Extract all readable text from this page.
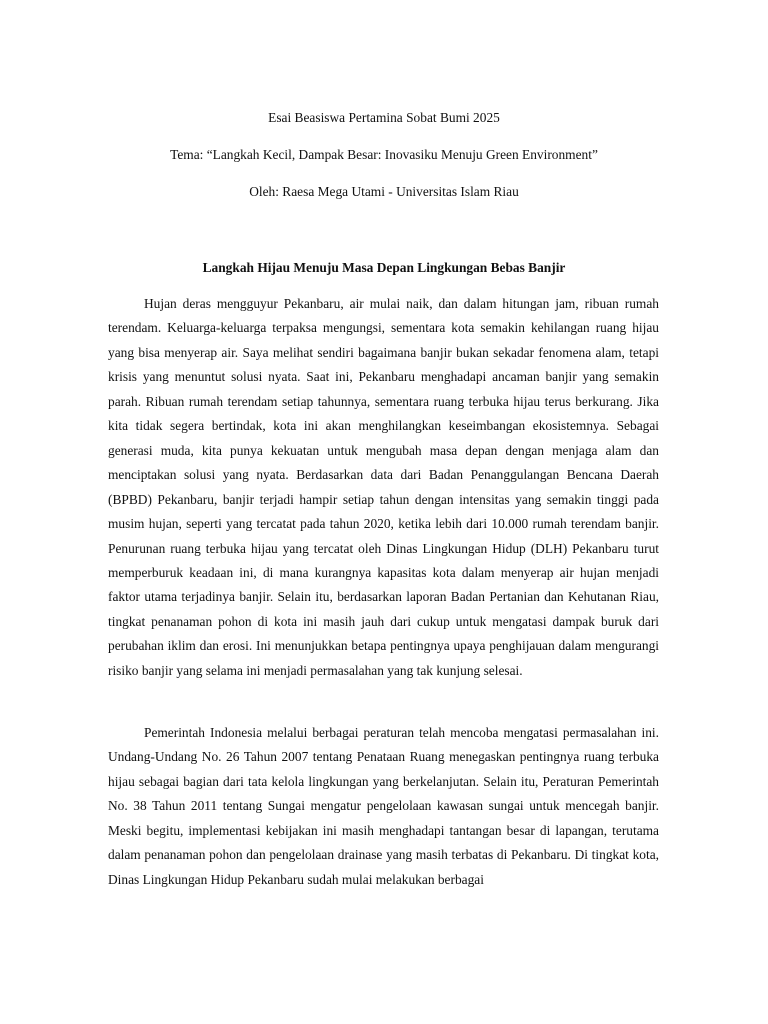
Esai Beasiswa Pertamina Sobat Bumi 2025
Tema: “Langkah Kecil, Dampak Besar: Inovasiku Menuju Green Environment”
Oleh: Raesa Mega Utami - Universitas Islam Riau
Langkah Hijau Menuju Masa Depan Lingkungan Bebas Banjir

Hujan deras mengguyur Pekanbaru, air mulai naik, dan dalam hitungan jam, ribuan rumah terendam. Keluarga-keluarga terpaksa mengungsi, sementara kota semakin kehilangan ruang hijau yang bisa menyerap air. Saya melihat sendiri bagaimana banjir bukan sekadar fenomena alam, tetapi krisis yang menuntut solusi nyata. Saat ini, Pekanbaru menghadapi ancaman banjir yang semakin parah. Ribuan rumah terendam setiap tahunnya, sementara ruang terbuka hijau terus berkurang. Jika kita tidak segera bertindak, kota ini akan menghilangkan keseimbangan ekosistemnya. Sebagai generasi muda, kita punya kekuatan untuk mengubah masa depan dengan menjaga alam dan menciptakan solusi yang nyata. Berdasarkan data dari Badan Penanggulangan Bencana Daerah (BPBD) Pekanbaru, banjir terjadi hampir setiap tahun dengan intensitas yang semakin tinggi pada musim hujan, seperti yang tercatat pada tahun 2020, ketika lebih dari 10.000 rumah terendam banjir. Penurunan ruang terbuka hijau yang tercatat oleh Dinas Lingkungan Hidup (DLH) Pekanbaru turut memperburuk keadaan ini, di mana kurangnya kapasitas kota dalam menyerap air hujan menjadi faktor utama terjadinya banjir. Selain itu, berdasarkan laporan Badan Pertanian dan Kehutanan Riau, tingkat penanaman pohon di kota ini masih jauh dari cukup untuk mengatasi dampak buruk dari perubahan iklim dan erosi. Ini menunjukkan betapa pentingnya upaya penghijauan dalam mengurangi risiko banjir yang selama ini menjadi permasalahan yang tak kunjung selesai.

Pemerintah Indonesia melalui berbagai peraturan telah mencoba mengatasi permasalahan ini. Undang-Undang No. 26 Tahun 2007 tentang Penataan Ruang menegaskan pentingnya ruang terbuka hijau sebagai bagian dari tata kelola lingkungan yang berkelanjutan. Selain itu, Peraturan Pemerintah No. 38 Tahun 2011 tentang Sungai mengatur pengelolaan kawasan sungai untuk mencegah banjir. Meski begitu, implementasi kebijakan ini masih menghadapi tantangan besar di lapangan, terutama dalam penanaman pohon dan pengelolaan drainase yang masih terbatas di Pekanbaru. Di tingkat kota, Dinas Lingkungan Hidup Pekanbaru sudah mulai melakukan berbagai
